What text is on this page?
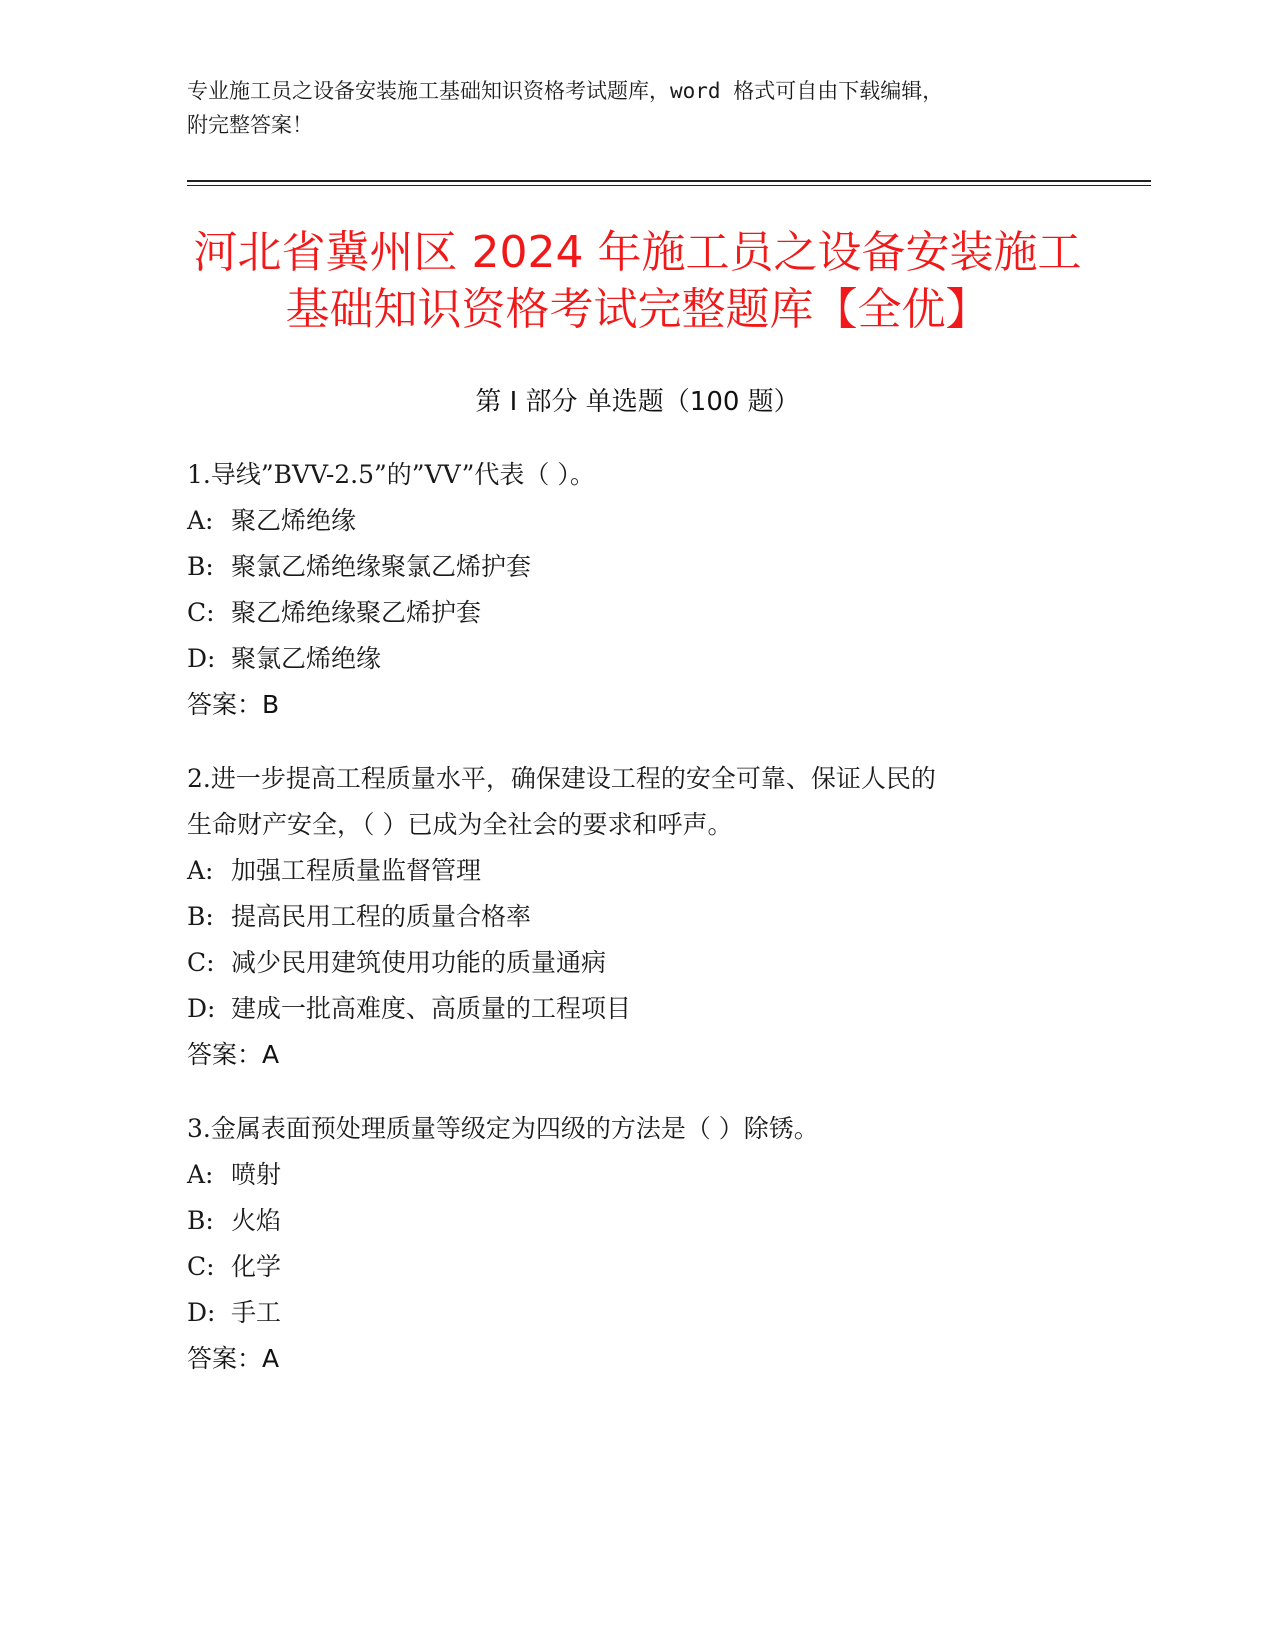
专业施工员之设备安装施工基础知识资格考试题库，word 格式可自由下载编辑，
附完整答案！
河北省冀州区 2024 年施工员之设备安装施工
基础知识资格考试完整题库【全优】
第 I 部分 单选题（100 题）
1.导线”BVV-2.5”的”VV”代表（ ）。
A: 聚乙烯绝缘
B: 聚氯乙烯绝缘聚氯乙烯护套
C: 聚乙烯绝缘聚乙烯护套
D: 聚氯乙烯绝缘
答案：B
2.进一步提高工程质量水平，确保建设工程的安全可靠、保证人民的
生命财产安全，（ ）已成为全社会的要求和呼声。
A: 加强工程质量监督管理
B: 提高民用工程的质量合格率
C: 减少民用建筑使用功能的质量通病
D: 建成一批高难度、高质量的工程项目
答案：A
3.金属表面预处理质量等级定为四级的方法是（ ）除锈。
A: 喷射
B: 火焰
C: 化学
D: 手工
答案：A
